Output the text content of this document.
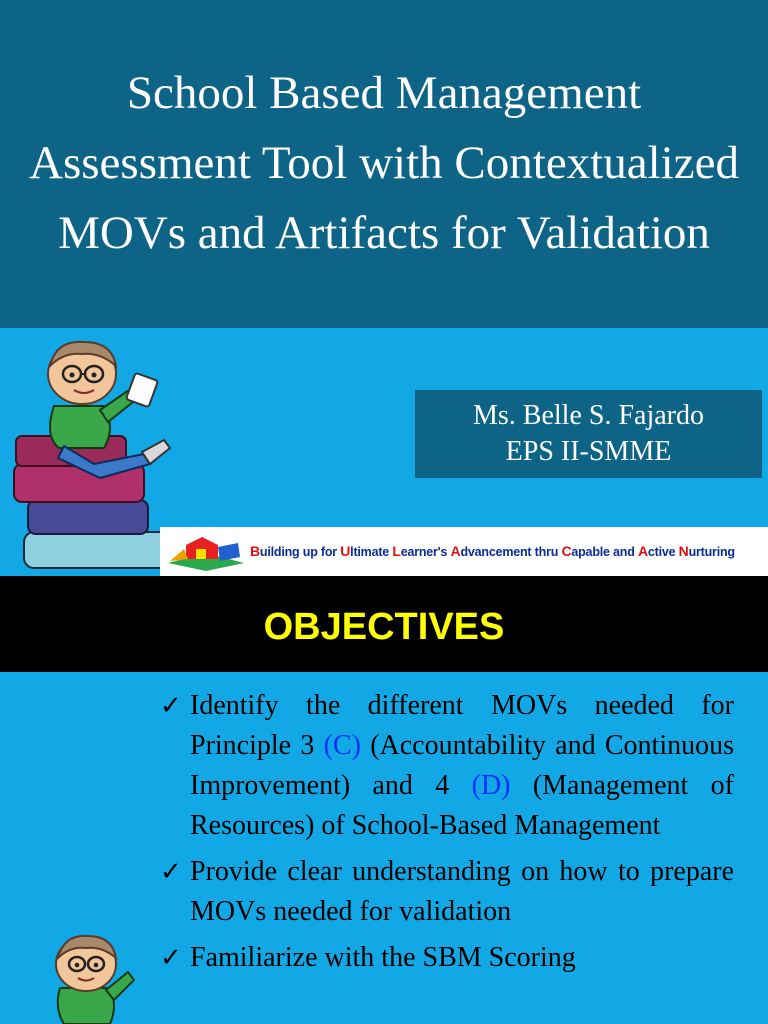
School Based Management Assessment Tool with Contextualized MOVs and Artifacts for Validation
Ms. Belle S. Fajardo
EPS II-SMME
Building up for Ultimate Learner's Advancement thru Capable and Active Nurturing
OBJECTIVES
✓ Identify the different MOVs needed for Principle 3 (C) (Accountability and Continuous Improvement) and 4 (D) (Management of Resources) of School-Based Management
✓ Provide clear understanding on how to prepare MOVs needed for validation
✓ Familiarize with the SBM Scoring
